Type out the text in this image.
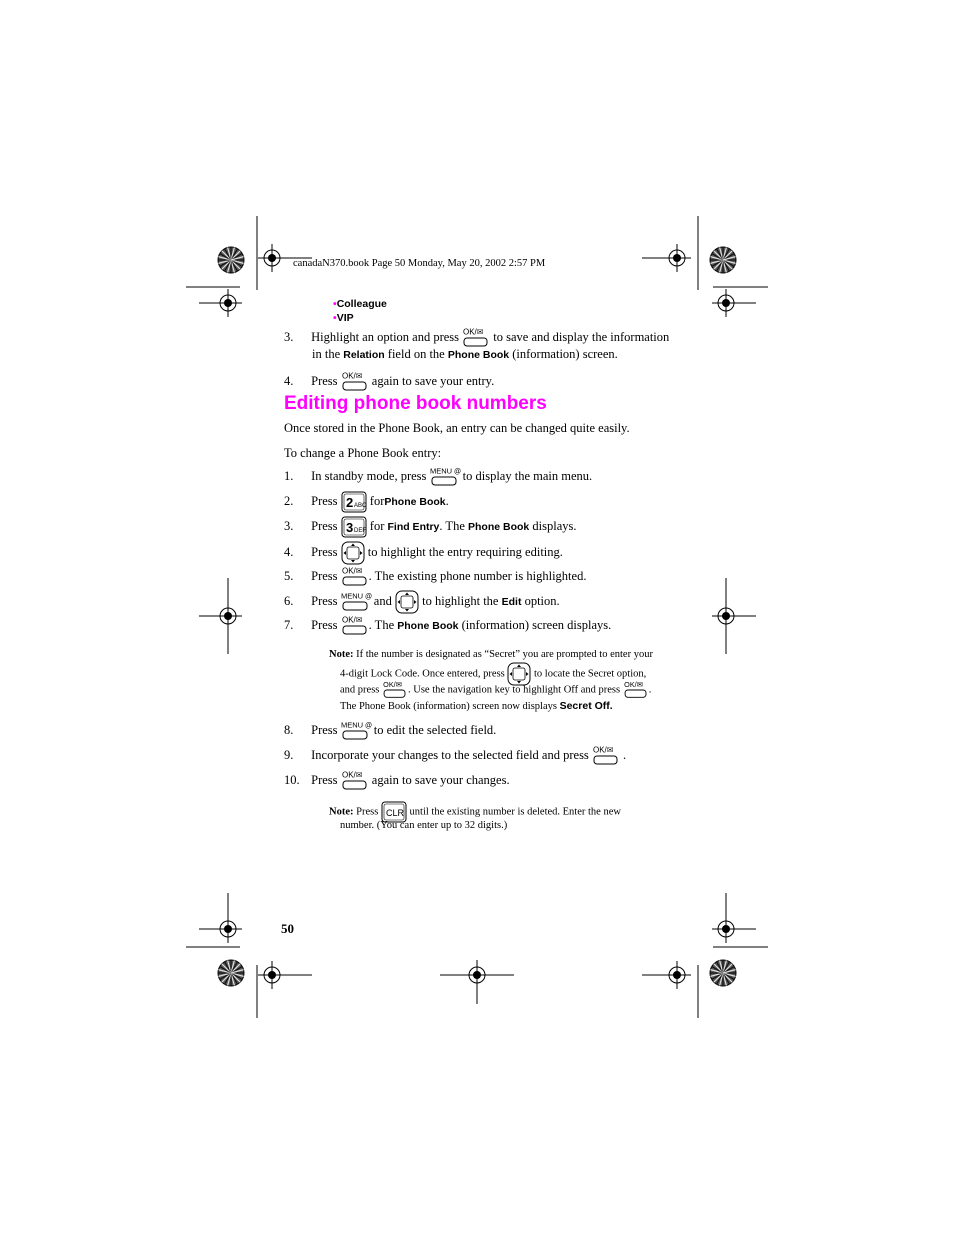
canadaN370.book Page 50 Monday, May 20, 2002 2:57 PM
•Colleague
•VIP
3. Highlight an option and press OK/✉ to save and display the information
in the Relation field on the Phone Book (information) screen.
4. Press OK/✉ again to save your entry.
Editing phone book numbers
Once stored in the Phone Book, an entry can be changed quite easily.
To change a Phone Book entry:
1. In standby mode, press MENU @ to display the main menu.
2. Press 2 ABC forPhone Book.
3. Press 3 DEF for Find Entry. The Phone Book displays.
4. Press to highlight the entry requiring editing.
5. Press OK/✉ . The existing phone number is highlighted.
6. Press MENU @ and to highlight the Edit option.
7. Press OK/✉ . The Phone Book (information) screen displays.
Note: If the number is designated as “Secret” you are prompted to enter your
4-digit Lock Code. Once entered, press	to locate the Secret option,
and press
OK/✉
. Use the navigation key to highlight Off and press
OK/✉
.
The Phone Book (information) screen now displays Secret Off.
8. Press MENU @ to edit the selected field.
9. Incorporate your changes to the selected field and press OK/✉ .
10. Press OK/✉ again to save your changes.
Note: Press CLR until the existing number is deleted. Enter the new
number. (You can enter up to 32 digits.)
50
